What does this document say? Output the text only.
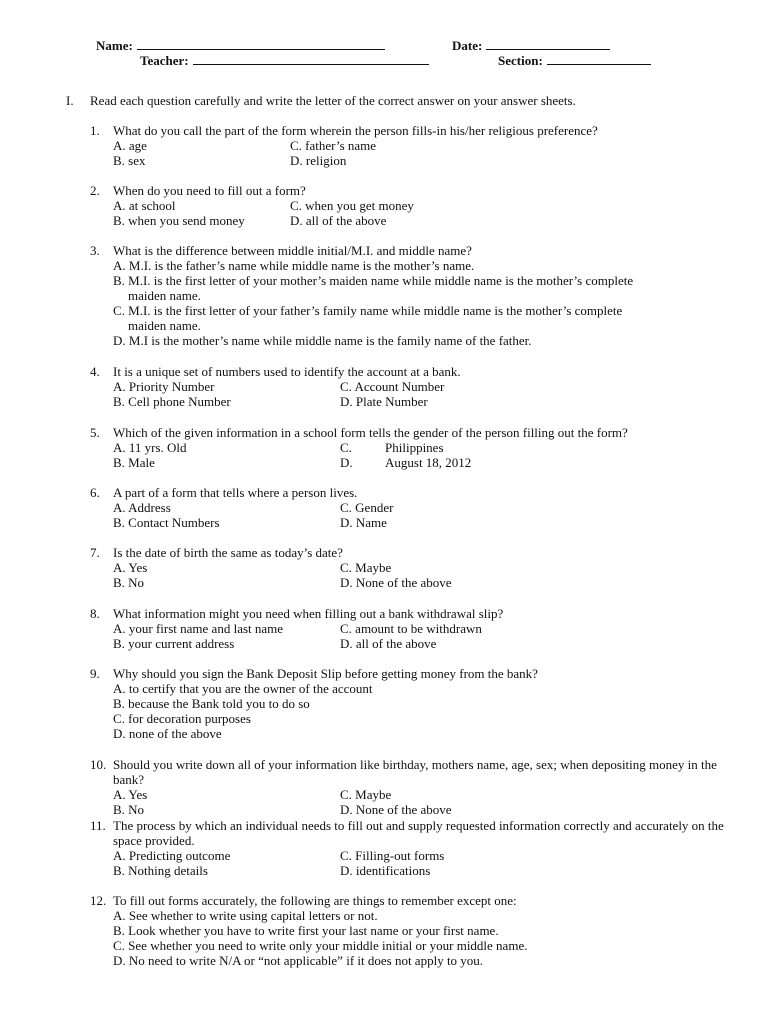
Name:	Date:
Teacher:	Section:
I. Read each question carefully and write the letter of the correct answer on your answer sheets.
1.	What do you call the part of the form wherein the person fills-in his/her religious preference?
A. age	C. father’s name
B. sex	D. religion
2.	When do you need to fill out a form?
A. at school	C. when you get money
B. when you send money	D. all of the above
3.	What is the difference between middle initial/M.I. and middle name?
A. M.I. is the father’s name while middle name is the mother’s name.
B. M.I. is the first letter of your mother’s maiden name while middle name is the mother’s complete
maiden name.
C. M.I. is the first letter of your father’s family name while middle name is the mother’s complete
maiden name.
D. M.I is the mother’s name while middle name is the family name of the father.
4.	It is a unique set of numbers used to identify the account at a bank.
A. Priority Number	C. Account Number
B. Cell phone Number	D. Plate Number
5.	Which of the given information in a school form tells the gender of the person filling out the form?
A. 11 yrs. Old	C.	Philippines
B. Male	D. August 18, 2012
6.	A part of a form that tells where a person lives.
A. Address	C. Gender
B. Contact Numbers	D. Name
7.	Is the date of birth the same as today’s date?
A. Yes	C. Maybe
B. No	D. None of the above
8.	What information might you need when filling out a bank withdrawal slip?
A. your first name and last name	C. amount to be withdrawn
B. your current address	D. all of the above
9.	Why should you sign the Bank Deposit Slip before getting money from the bank?
A. to certify that you are the owner of the account
B. because the Bank told you to do so
C. for decoration purposes
D. none of the above
10. Should you write down all of your information like birthday, mothers name, age, sex; when depositing money in the bank?
A. Yes	C. Maybe
B. No	D. None of the above
11. The process by which an individual needs to fill out and supply requested information correctly and accurately on the space provided.
A. Predicting outcome	C. Filling-out forms
B. Nothing details	D. identifications
12. To fill out forms accurately, the following are things to remember except one:
A. See whether to write using capital letters or not.
B. Look whether you have to write first your last name or your first name.
C. See whether you need to write only your middle initial or your middle name.
D. No need to write N/A or “not applicable” if it does not apply to you.
